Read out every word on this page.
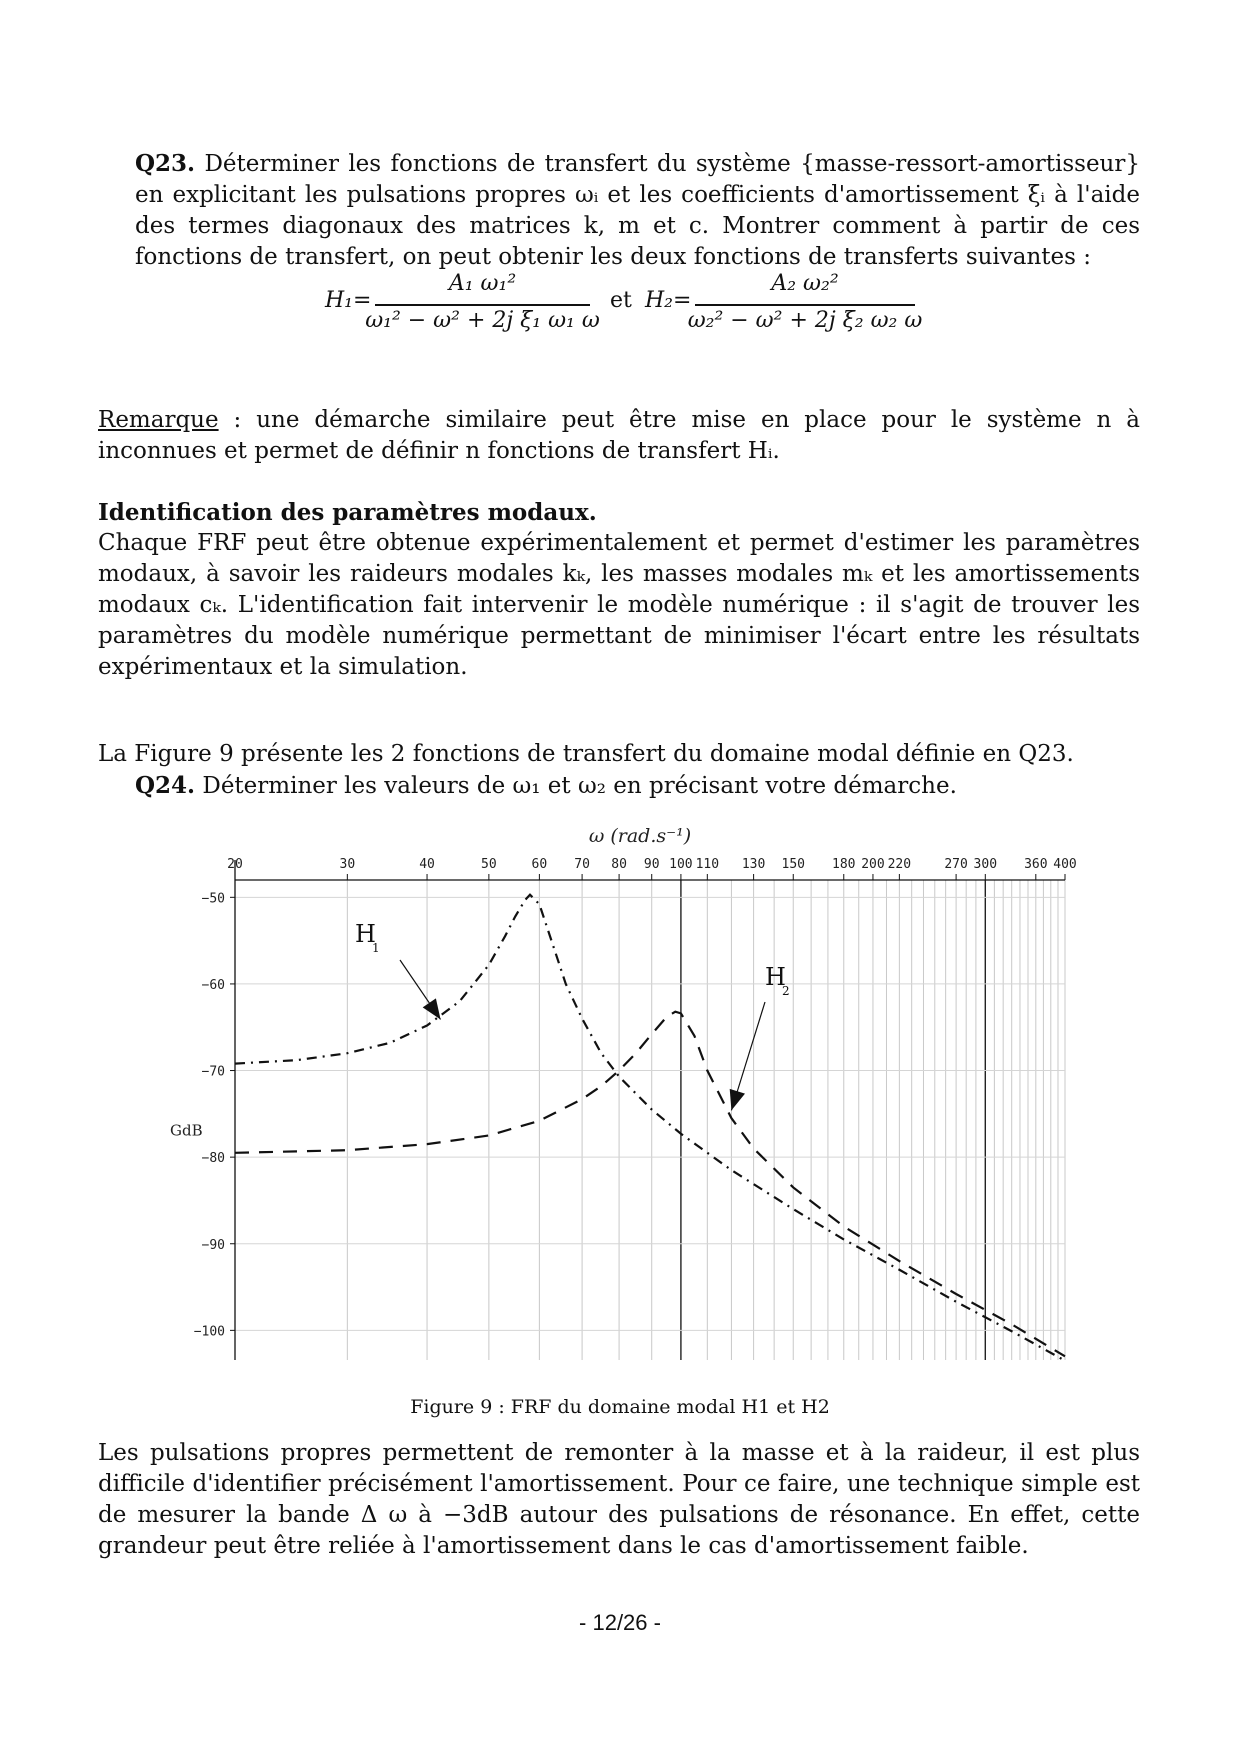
Q23. Déterminer les fonctions de transfert du système {masse-ressort-amortisseur} en explicitant les pulsations propres ωᵢ et les coefficients d'amortissement ξᵢ à l'aide des termes diagonaux des matrices k, m et c. Montrer comment à partir de ces fonctions de transfert, on peut obtenir les deux fonctions de transferts suivantes :
H₁=
A₁ ω₁²
ω₁² − ω² + 2j ξ₁ ω₁ ω
et H₂=
A₂ ω₂²
ω₂² − ω² + 2j ξ₂ ω₂ ω
Remarque : une démarche similaire peut être mise en place pour le système n à inconnues et permet de définir n fonctions de transfert Hᵢ.
Identification des paramètres modaux.
Chaque FRF peut être obtenue expérimentalement et permet d'estimer les paramètres modaux, à savoir les raideurs modales kₖ, les masses modales mₖ et les amortissements modaux cₖ. L'identification fait intervenir le modèle numérique : il s'agit de trouver les paramètres du modèle numérique permettant de minimiser l'écart entre les résultats expérimentaux et la simulation.
La Figure 9 présente les 2 fonctions de transfert du domaine modal définie en Q23.
Q24. Déterminer les valeurs de ω₁ et ω₂ en précisant votre démarche.
20	30	40	50	60 70 80 90 100 110 130 150 180 200 220	270 300 360 400
−50
−60
−70
−80
−90
−100
ω (rad.s⁻¹)
GdB
H
1
H
2
Figure 9 : FRF du domaine modal H1 et H2
Les pulsations propres permettent de remonter à la masse et à la raideur, il est plus difficile d'identifier précisément l'amortissement. Pour ce faire, une technique simple est de mesurer la bande Δ ω à −3dB autour des pulsations de résonance. En effet, cette grandeur peut être reliée à l'amortissement dans le cas d'amortissement faible.
- 12/26 -
